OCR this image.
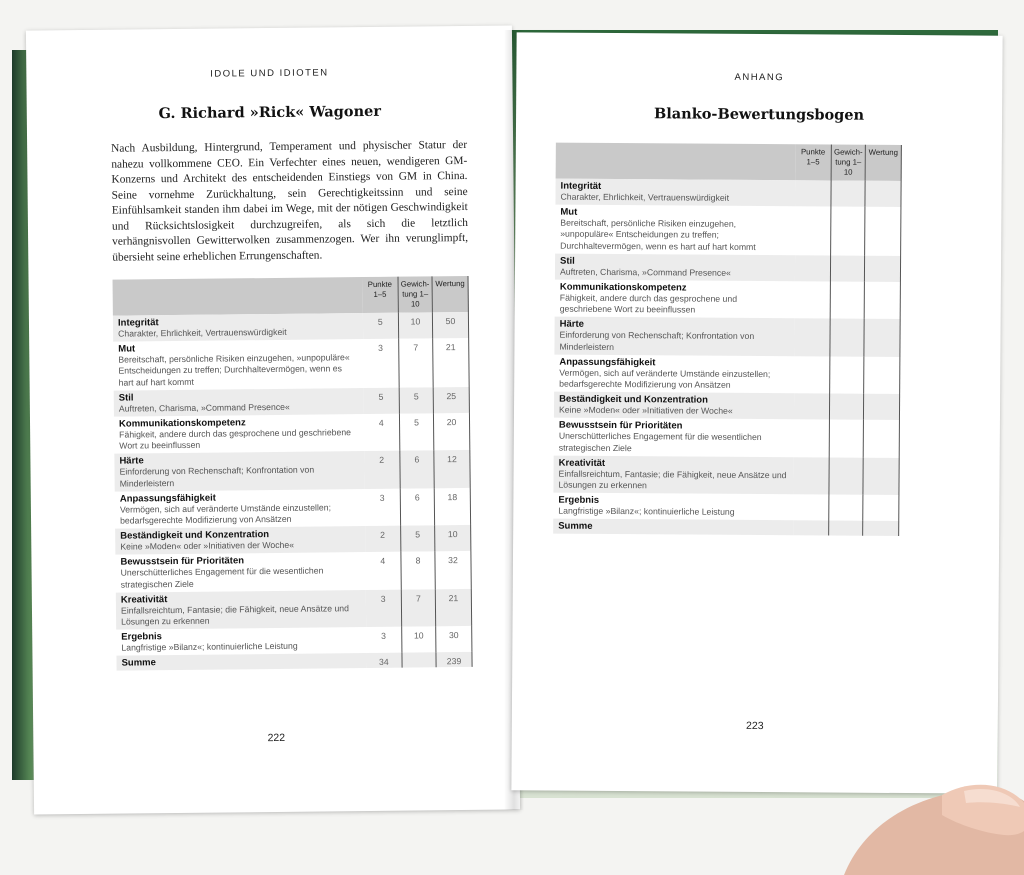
IDOLE UND IDIOTEN
G. Richard »Rick« Wagoner
Nach Ausbildung, Hintergrund, Temperament und physischer Statur der nahezu vollkommene CEO. Ein Verfechter eines neuen, wendigeren GM-Konzerns und Architekt des entscheidenden Einstiegs von GM in China. Seine vornehme Zurückhaltung, sein Gerechtigkeitssinn und seine Einfühlsamkeit standen ihm dabei im Wege, mit der nötigen Geschwindigkeit und Rücksichtslosigkeit durchzugreifen, als sich die letztlich verhängnisvollen Gewitterwolken zusammenzogen. Wer ihn verunglimpft, übersieht seine erheblichen Errungenschaften.
	Punkte 1–5	Gewich- tung 1–10	Wertung

Integrität
Charakter, Ehrlichkeit, Vertrauenswürdigkeit	5	10	50

Mut
Bereitschaft, persönliche Risiken einzugehen, »unpopuläre« Entscheidungen zu treffen; Durchhaltevermögen, wenn es hart auf hart kommt	3	7	21

Stil
Auftreten, Charisma, »Command Presence«	5	5	25

Kommunikationskompetenz
Fähigkeit, andere durch das gesprochene und geschriebene Wort zu beeinflussen	4	5	20

Härte
Einforderung von Rechenschaft; Konfrontation von Minderleistern	2	6	12

Anpassungsfähigkeit
Vermögen, sich auf veränderte Umstände einzustellen; bedarfsgerechte Modifizierung von Ansätzen	3	6	18

Beständigkeit und Konzentration
Keine »Moden« oder »Initiativen der Woche«	2	5	10

Bewusstsein für Prioritäten
Unerschütterliches Engagement für die wesentlichen strategischen Ziele	4	8	32

Kreativität
Einfallsreichtum, Fantasie; die Fähigkeit, neue Ansätze und Lösungen zu erkennen	3	7	21

Ergebnis
Langfristige »Bilanz«; kontinuierliche Leistung	3	10	30

Summe	34		239
222
ANHANG
Blanko-Bewertungsbogen
	Punkte 1–5	Gewich- tung 1–10	Wertung

Integrität
Charakter, Ehrlichkeit, Vertrauenswürdigkeit			

Mut
Bereitschaft, persönliche Risiken einzugehen, »unpopuläre« Entscheidungen zu treffen; Durchhaltevermögen, wenn es hart auf hart kommt			

Stil
Auftreten, Charisma, »Command Presence«			

Kommunikationskompetenz
Fähigkeit, andere durch das gesprochene und geschriebene Wort zu beeinflussen			

Härte
Einforderung von Rechenschaft; Konfrontation von Minderleistern			

Anpassungsfähigkeit
Vermögen, sich auf veränderte Umstände einzustellen; bedarfsgerechte Modifizierung von Ansätzen			

Beständigkeit und Konzentration
Keine »Moden« oder »Initiativen der Woche«			

Bewusstsein für Prioritäten
Unerschütterliches Engagement für die wesentlichen strategischen Ziele			

Kreativität
Einfallsreichtum, Fantasie; die Fähigkeit, neue Ansätze und Lösungen zu erkennen			

Ergebnis
Langfristige »Bilanz«; kontinuierliche Leistung			

Summe			

223
